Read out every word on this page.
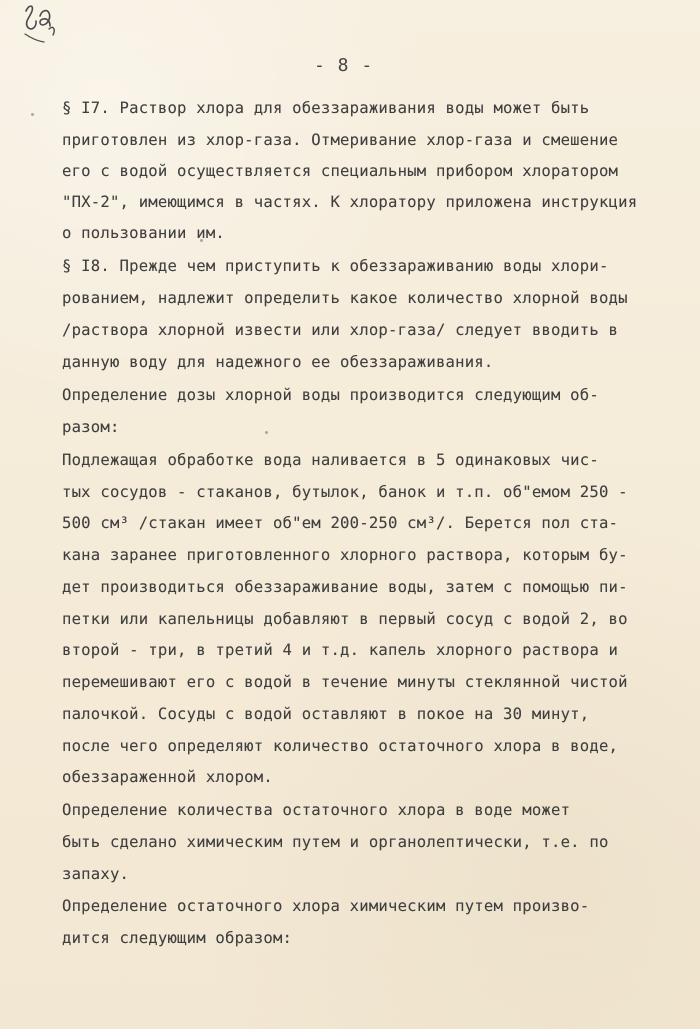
- 8 -
§ I7. Раствор хлора для обеззараживания воды может быть
приготовлен из хлор-газа. Отмеривание хлор-газа и смешение
его с водой осуществляется специальным прибором хлоратором
"ПХ-2", имеющимся в частях. К хлоратору приложена инструкция
о пользовании им.
§ I8. Прежде чем приступить к обеззараживанию воды хлори-
рованием, надлежит определить какое количество хлорной воды
/раствора хлорной извести или хлор-газа/ следует вводить в
данную воду для надежного ее обеззараживания.
Определение дозы хлорной воды производится следующим об-
разом:
Подлежащая обработке вода наливается в 5 одинаковых чис-
тых сосудов - стаканов, бутылок, банок и т.п. об"емом 250 -
500 см³ /стакан имеет об"ем 200-250 см³/. Берется пол ста-
кана заранее приготовленного хлорного раствора, которым бу-
дет производиться обеззараживание воды, затем с помощью пи-
петки или капельницы добавляют в первый сосуд с водой 2, во
второй - три, в третий 4 и т.д. капель хлорного раствора и
перемешивают его с водой в течение минуты стеклянной чистой
палочкой. Сосуды с водой оставляют в покое на 30 минут,
после чего определяют количество остаточного хлора в воде,
обеззараженной хлором.
Определение количества остаточного хлора в воде может
быть сделано химическим путем и органолептически, т.е. по
запаху.
Определение остаточного хлора химическим путем произво-
дится следующим образом:
